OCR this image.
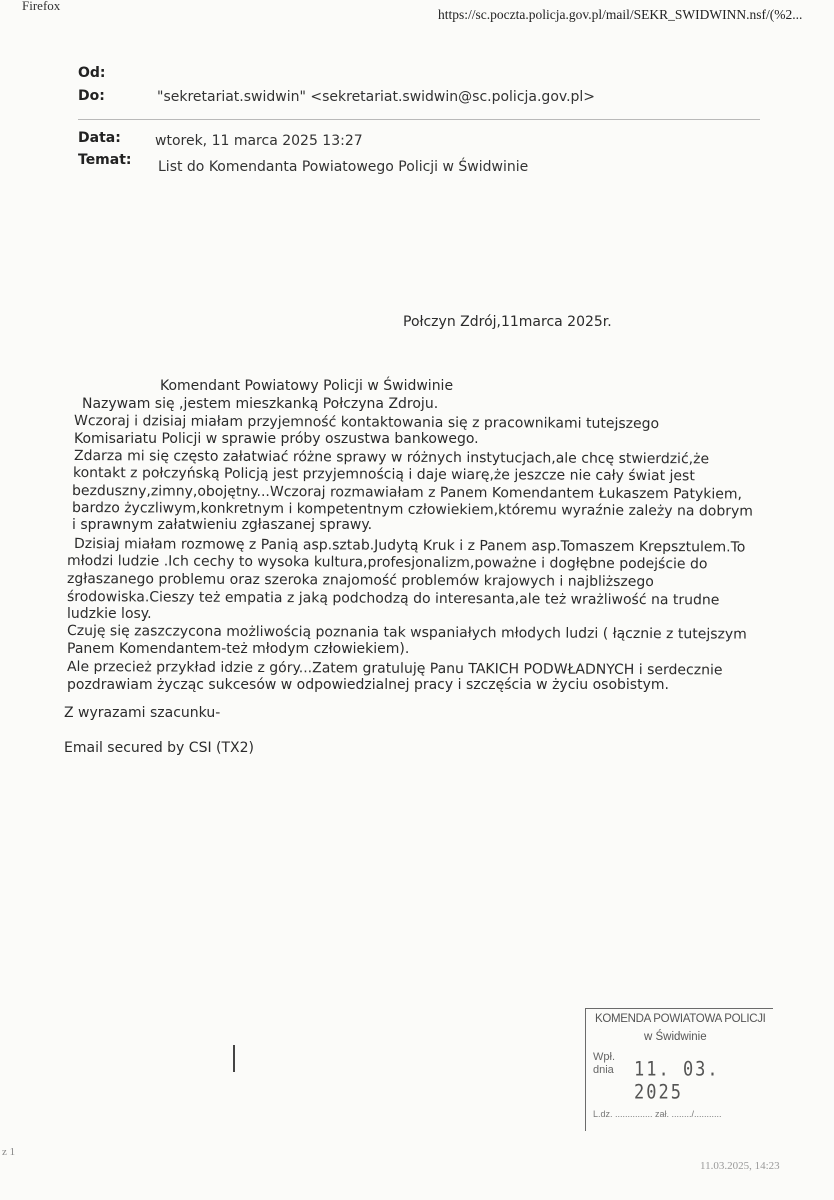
Firefox
https://sc.poczta.policja.gov.pl/mail/SEKR_SWIDWINN.nsf/(%2...
Od:
Do:	"sekretariat.swidwin" <sekretariat.swidwin@sc.policja.gov.pl>
Data: wtorek, 11 marca 2025 13:27
Temat: List do Komendanta Powiatowego Policji w Świdwinie
Połczyn Zdrój,11marca 2025r.
Komendant Powiatowy Policji w Świdwinie
Nazywam się ,jestem mieszkanką Połczyna Zdroju.
Wczoraj i dzisiaj miałam przyjemność kontaktowania się z pracownikami tutejszego
Komisariatu Policji w sprawie próby oszustwa bankowego.
Zdarza mi się często załatwiać różne sprawy w różnych instytucjach,ale chcę stwierdzić,że
kontakt z połczyńską Policją jest przyjemnością i daje wiarę,że jeszcze nie cały świat jest
bezduszny,zimny,obojętny...Wczoraj rozmawiałam z Panem Komendantem Łukaszem Patykiem,
bardzo życzliwym,konkretnym i kompetentnym człowiekiem,któremu wyraźnie zależy na dobrym
i sprawnym załatwieniu zgłaszanej sprawy.
Dzisiaj miałam rozmowę z Panią asp.sztab.Judytą Kruk i z Panem asp.Tomaszem Krepsztulem.To
młodzi ludzie .Ich cechy to wysoka kultura,profesjonalizm,poważne i dogłębne podejście do
zgłaszanego problemu oraz szeroka znajomość problemów krajowych i najbliższego
środowiska.Cieszy też empatia z jaką podchodzą do interesanta,ale też wrażliwość na trudne
ludzkie losy.
Czuję się zaszczycona możliwością poznania tak wspaniałych młodych ludzi ( łącznie z tutejszym
Panem Komendantem-też młodym człowiekiem).
Ale przecież przykład idzie z góry...Zatem gratuluję Panu TAKICH PODWŁADNYCH i serdecznie
pozdrawiam życząc sukcesów w odpowiedzialnej pracy i szczęścia w życiu osobistym.
Z wyrazami szacunku-
Email secured by CSI (TX2)
KOMENDA POWIATOWA POLICJI
w Świdwinie
Wpł.
dnia 11. 03. 2025
L.dz. ............... zał. ......../...........
z 1
11.03.2025, 14:23
